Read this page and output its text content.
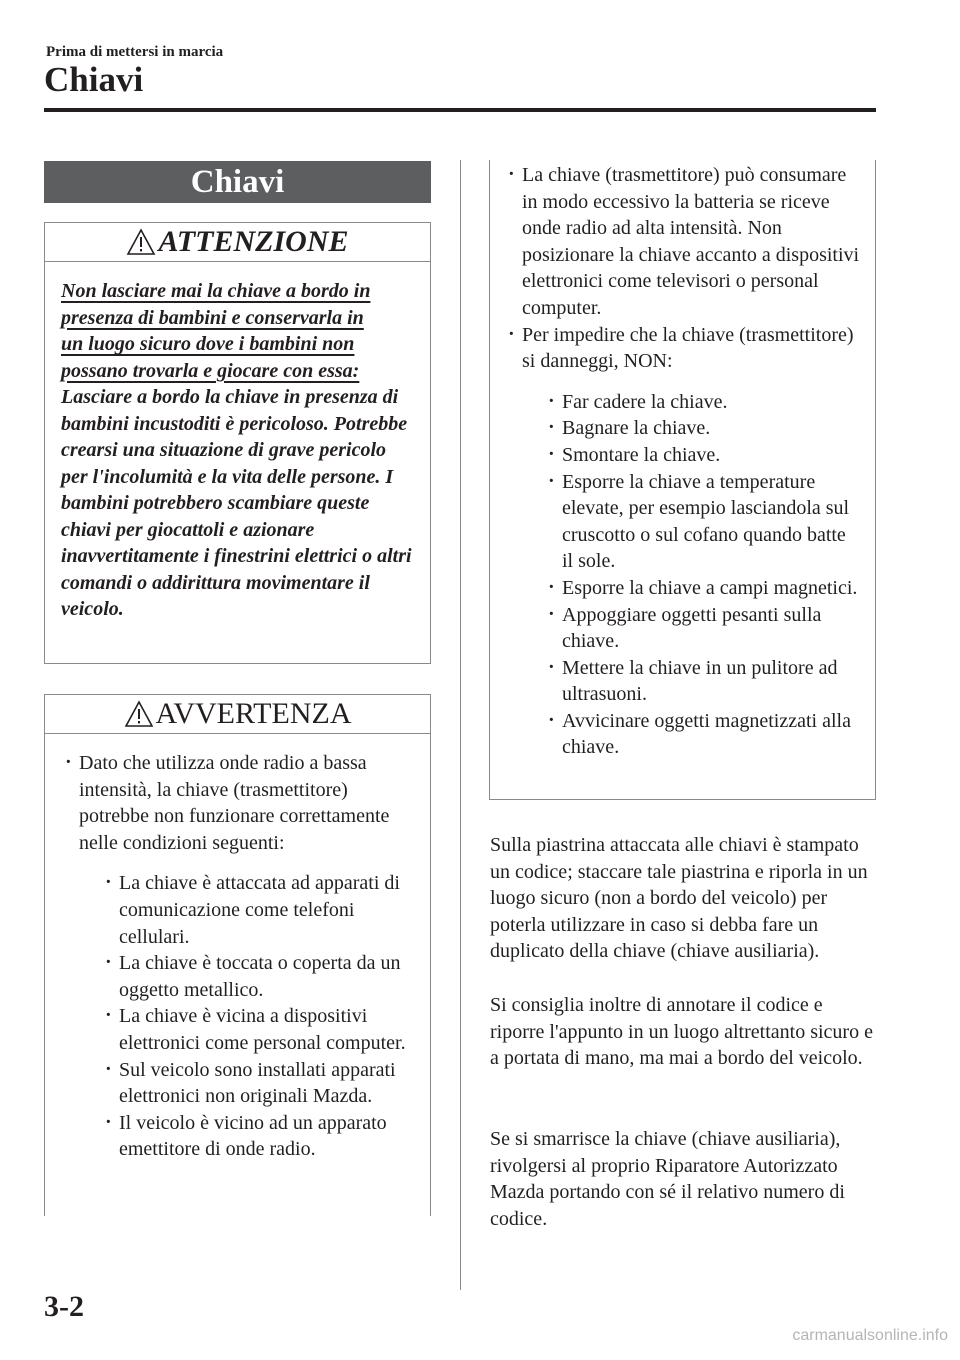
Prima di mettersi in marcia
Chiavi
Chiavi
ATTENZIONE
Non lasciare mai la chiave a bordo in
presenza di bambini e conservarla in
un luogo sicuro dove i bambini non
possano trovarla e giocare con essa:
Lasciare a bordo la chiave in presenza di bambini incustoditi è pericoloso. Potrebbe crearsi una situazione di grave pericolo per l'incolumità e la vita delle persone. I bambini potrebbero scambiare queste chiavi per giocattoli e azionare inavvertitamente i finestrini elettrici o altri comandi o addirittura movimentare il veicolo.
AVVERTENZA
· Dato che utilizza onde radio a bassa intensità, la chiave (trasmettitore) potrebbe non funzionare correttamente nelle condizioni seguenti:
· La chiave è attaccata ad apparati di comunicazione come telefoni cellulari.
· La chiave è toccata o coperta da un oggetto metallico.
· La chiave è vicina a dispositivi elettronici come personal computer.
· Sul veicolo sono installati apparati elettronici non originali Mazda.
· Il veicolo è vicino ad un apparato emettitore di onde radio.
· La chiave (trasmettitore) può consumare in modo eccessivo la batteria se riceve onde radio ad alta intensità. Non posizionare la chiave accanto a dispositivi elettronici come televisori o personal computer.
· Per impedire che la chiave (trasmettitore) si danneggi, NON:
· Far cadere la chiave.
· Bagnare la chiave.
· Smontare la chiave.
· Esporre la chiave a temperature elevate, per esempio lasciandola sul cruscotto o sul cofano quando batte il sole.
· Esporre la chiave a campi magnetici.
· Appoggiare oggetti pesanti sulla chiave.
· Mettere la chiave in un pulitore ad ultrasuoni.
· Avvicinare oggetti magnetizzati alla chiave.
Sulla piastrina attaccata alle chiavi è stampato un codice; staccare tale piastrina e riporla in un luogo sicuro (non a bordo del veicolo) per poterla utilizzare in caso si debba fare un duplicato della chiave (chiave ausiliaria).
Si consiglia inoltre di annotare il codice e riporre l'appunto in un luogo altrettanto sicuro e a portata di mano, ma mai a bordo del veicolo.
Se si smarrisce la chiave (chiave ausiliaria), rivolgersi al proprio Riparatore Autorizzato Mazda portando con sé il relativo numero di codice.
3-2
carmanualsonline.info
